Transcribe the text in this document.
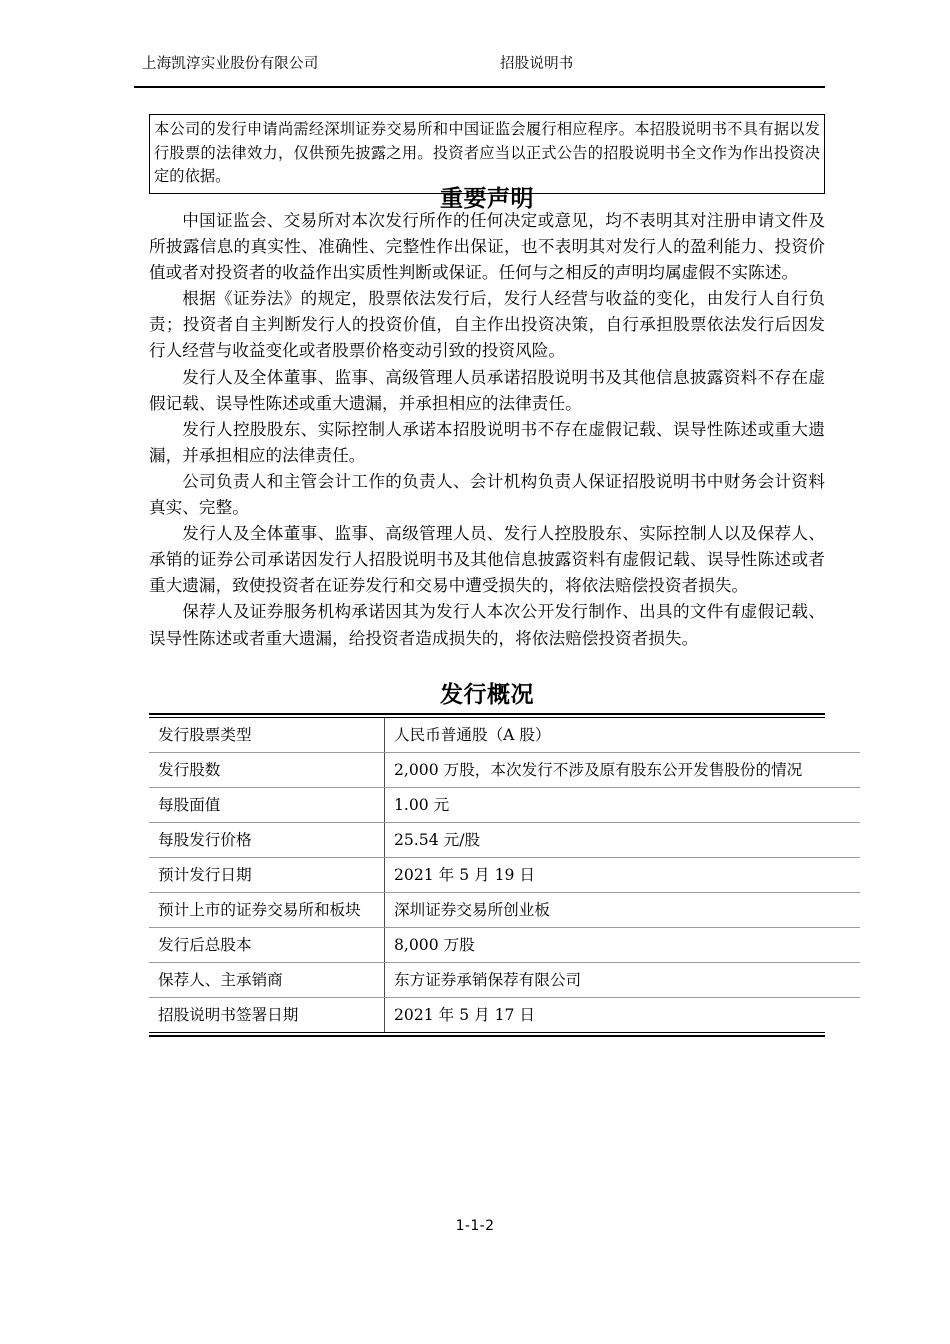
上海凯淳实业股份有限公司	招股说明书

本公司的发行申请尚需经深圳证券交易所和中国证监会履行相应程序。本招股说明书不具有据以发行股票的法律效力，仅供预先披露之用。投资者应当以正式公告的招股说明书全文作为作出投资决定的依据。

重要声明

中国证监会、交易所对本次发行所作的任何决定或意见，均不表明其对注册申请文件及所披露信息的真实性、准确性、完整性作出保证，也不表明其对发行人的盈利能力、投资价值或者对投资者的收益作出实质性判断或保证。任何与之相反的声明均属虚假不实陈述。

根据《证券法》的规定，股票依法发行后，发行人经营与收益的变化，由发行人自行负责；投资者自主判断发行人的投资价值，自主作出投资决策，自行承担股票依法发行后因发行人经营与收益变化或者股票价格变动引致的投资风险。

发行人及全体董事、监事、高级管理人员承诺招股说明书及其他信息披露资料不存在虚假记载、误导性陈述或重大遗漏，并承担相应的法律责任。

发行人控股股东、实际控制人承诺本招股说明书不存在虚假记载、误导性陈述或重大遗漏，并承担相应的法律责任。

公司负责人和主管会计工作的负责人、会计机构负责人保证招股说明书中财务会计资料真实、完整。

发行人及全体董事、监事、高级管理人员、发行人控股股东、实际控制人以及保荐人、承销的证券公司承诺因发行人招股说明书及其他信息披露资料有虚假记载、误导性陈述或者重大遗漏，致使投资者在证券发行和交易中遭受损失的，将依法赔偿投资者损失。

保荐人及证券服务机构承诺因其为发行人本次公开发行制作、出具的文件有虚假记载、误导性陈述或者重大遗漏，给投资者造成损失的，将依法赔偿投资者损失。

发行概况
发行股票类型	人民币普通股（A 股）
发行股数	2,000 万股，本次发行不涉及原有股东公开发售股份的情况
每股面值	1.00 元
每股发行价格	25.54 元/股
预计发行日期	2021 年 5 月 19 日
预计上市的证券交易所和板块	深圳证券交易所创业板
发行后总股本	8,000 万股
保荐人、主承销商	东方证券承销保荐有限公司
招股说明书签署日期	2021 年 5 月 17 日
1-1-2
